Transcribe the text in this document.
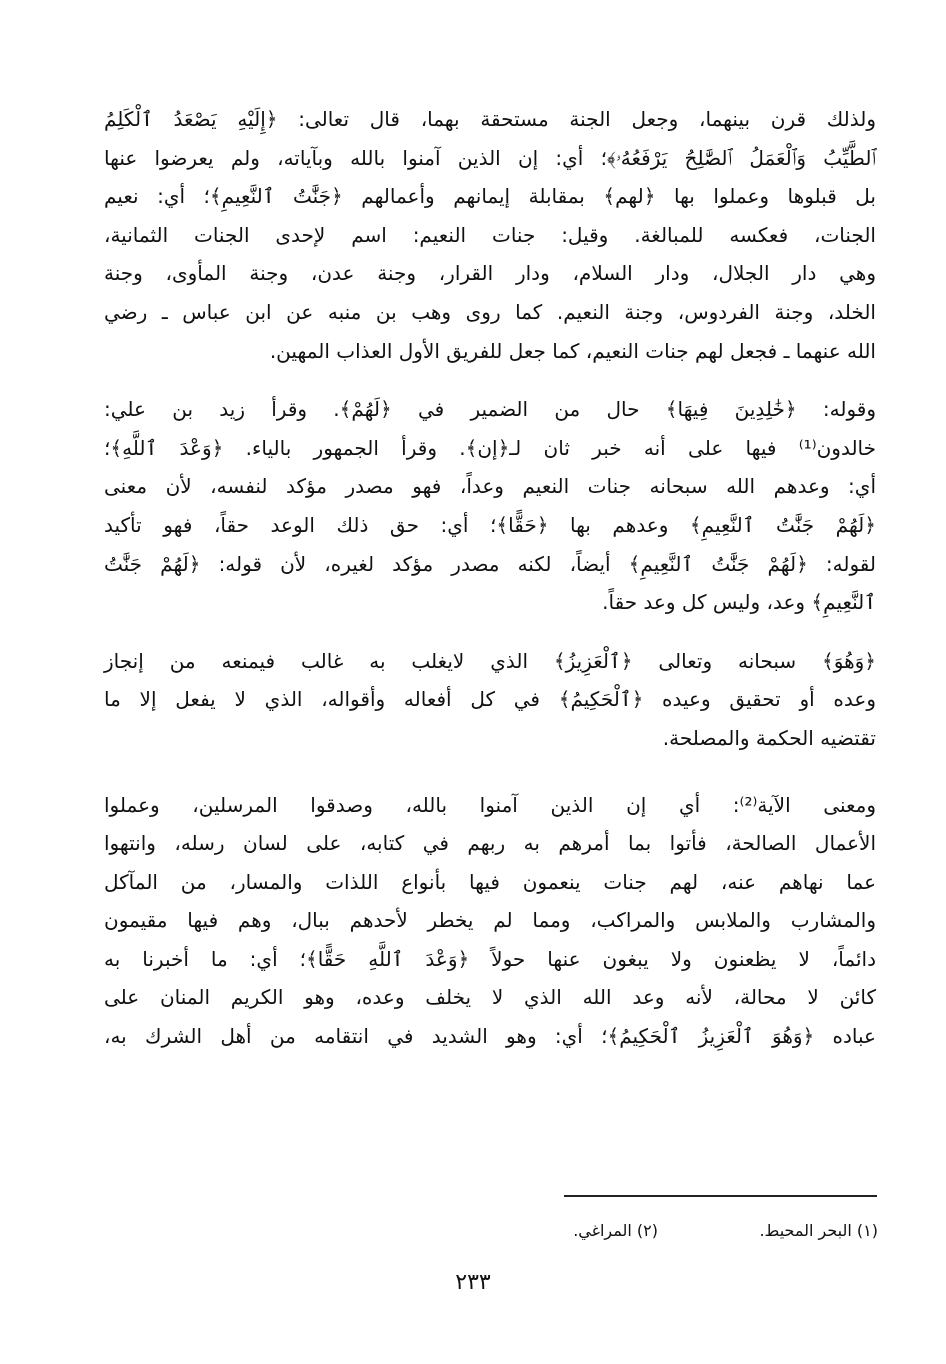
ولذلك قرن بينهما، وجعل الجنة مستحقة بهما، قال تعالى: ﴿إِلَيْهِ يَصْعَدُ ٱلْكَلِمُ
ٱلطَّيِّبُ وَٱلْعَمَلُ ٱلصَّٰلِحُ يَرْفَعُهُۥ﴾؛ أي: إن الذين آمنوا بالله وبآياته، ولم يعرضوا عنها
بل قبلوها وعملوا بها ﴿لهم﴾ بمقابلة إيمانهم وأعمالهم ﴿جَنَّٰتُ ٱلنَّعِيمِ﴾؛ أي: نعيم
الجنات، فعكسه للمبالغة. وقيل: جنات النعيم: اسم لإحدى الجنات الثمانية،
وهي دار الجلال، ودار السلام، ودار القرار، وجنة عدن، وجنة المأوى، وجنة
الخلد، وجنة الفردوس، وجنة النعيم. كما روى وهب بن منبه عن ابن عباس ـ رضي
الله عنهما ـ فجعل لهم جنات النعيم، كما جعل للفريق الأول العذاب المهين.
وقوله: ﴿خَٰلِدِينَ فِيهَا﴾ حال من الضمير في ﴿لَهُمْ﴾. وقرأ زيد بن علي:
خالدون⁽¹⁾ فيها على أنه خبر ثان لـ﴿إن﴾. وقرأ الجمهور بالياء. ﴿وَعْدَ ٱللَّهِ﴾؛
أي: وعدهم الله سبحانه جنات النعيم وعداً، فهو مصدر مؤكد لنفسه، لأن معنى
﴿لَهُمْ جَنَّٰتُ ٱلنَّعِيمِ﴾ وعدهم بها ﴿حَقًّا﴾؛ أي: حق ذلك الوعد حقاً، فهو تأكيد
لقوله: ﴿لَهُمْ جَنَّٰتُ ٱلنَّعِيمِ﴾ أيضاً، لكنه مصدر مؤكد لغيره، لأن قوله: ﴿لَهُمْ جَنَّٰتُ
ٱلنَّعِيمِ﴾ وعد، وليس كل وعد حقاً.
﴿وَهُوَ﴾ سبحانه وتعالى ﴿ٱلْعَزِيزُ﴾ الذي لايغلب به غالب فيمنعه من إنجاز
وعده أو تحقيق وعيده ﴿ٱلْحَكِيمُ﴾ في كل أفعاله وأقواله، الذي لا يفعل إلا ما
تقتضيه الحكمة والمصلحة.
ومعنى الآية⁽²⁾: أي إن الذين آمنوا بالله، وصدقوا المرسلين، وعملوا
الأعمال الصالحة، فأتوا بما أمرهم به ربهم في كتابه، على لسان رسله، وانتهوا
عما نهاهم عنه، لهم جنات ينعمون فيها بأنواع اللذات والمسار، من المآكل
والمشارب والملابس والمراكب، ومما لم يخطر لأحدهم ببال، وهم فيها مقيمون
دائماً، لا يظعنون ولا يبغون عنها حولاً ﴿وَعْدَ ٱللَّهِ حَقًّا﴾؛ أي: ما أخبرنا به
كائن لا محالة، لأنه وعد الله الذي لا يخلف وعده، وهو الكريم المنان على
عباده ﴿وَهُوَ ٱلْعَزِيزُ ٱلْحَكِيمُ﴾؛ أي: وهو الشديد في انتقامه من أهل الشرك به،
(١) البحر المحيط.
(٢) المراغي.
٢٣٣
